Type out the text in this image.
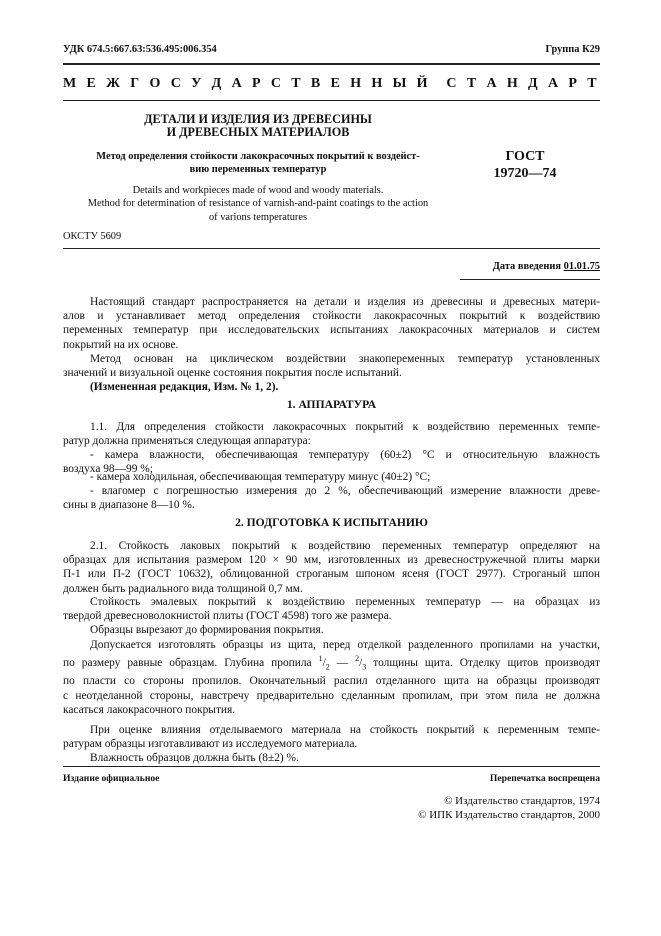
УДК 674.5:667.63:536.495:006.354	Группа К29
М Е Ж Г О С У Д А Р С Т В Е Н Н Ы Й С Т А Н Д А Р Т
ДЕТАЛИ И ИЗДЕЛИЯ ИЗ ДРЕВЕСИНЫ
И ДРЕВЕСНЫХ МАТЕРИАЛОВ
Метод определения стойкости лакокрасочных покрытий к воздейст-
вию переменных температур
ГОСТ
19720—74
Details and workpieces made of wood and woody materials.
Method for determination of resistance of varnish-and-paint coatings to the action
of varions temperatures
ОКСТУ 5609
Дата введения 01.01.75
Настоящий стандарт распространяется на детали и изделия из древесины и древесных матери-
алов и устанавливает метод определения стойкости лакокрасочных покрытий к воздействию
переменных температур при исследовательских испытаниях лакокрасочных материалов и систем
покрытий на их основе.
Метод основан на циклическом воздействии знакопеременных температур установленных
значений и визуальной оценке состояния покрытия после испытаний.
(Измененная редакция, Изм. № 1, 2).
1. АППАРАТУРА
1.1. Для определения стойкости лакокрасочных покрытий к воздействию переменных темпе-
ратур должна применяться следующая аппаратура:
- камера влажности, обеспечивающая температуру (60±2) °С и относительную влажность
воздуха 98—99 %;
- камера холодильная, обеспечивающая температуру минус (40±2) °С;
- влагомер с погрешностью измерения до 2 %, обеспечивающий измерение влажности древе-
сины в диапазоне 8—10 %.
2. ПОДГОТОВКА К ИСПЫТАНИЮ
2.1. Стойкость лаковых покрытий к воздействию переменных температур определяют на
образцах для испытания размером 120 × 90 мм, изготовленных из древесностружечной плиты марки
П-1 или П-2 (ГОСТ 10632), облицованной строганым шпоном ясеня (ГОСТ 2977). Строганый шпон
должен быть радиального вида толщиной 0,7 мм.
Стойкость эмалевых покрытий к воздействию переменных температур — на образцах из
твердой древесноволокнистой плиты (ГОСТ 4598) того же размера.
Образцы вырезают до формирования покрытия.
Допускается изготовлять образцы из щита, перед отделкой разделенного пропилами на участки,
по размеру равные образцам. Глубина пропила $^1/_2$ — $^2/_3$ толщины щита. Отделку щитов производят
по пласти со стороны пропилов. Окончательный распил отделанного щита на образцы производят
с неотделанной стороны, навстречу предварительно сделанным пропилам, при этом пила не должна
касаться лакокрасочного покрытия.
При оценке влияния отделываемого материала на стойкость покрытий к переменным темпе-
ратурам образцы изготавливают из исследуемого материала.
Влажность образцов должна быть (8±2) %.
Издание официальное	Перепечатка воспрещена
© Издательство стандартов, 1974
© ИПК Издательство стандартов, 2000
